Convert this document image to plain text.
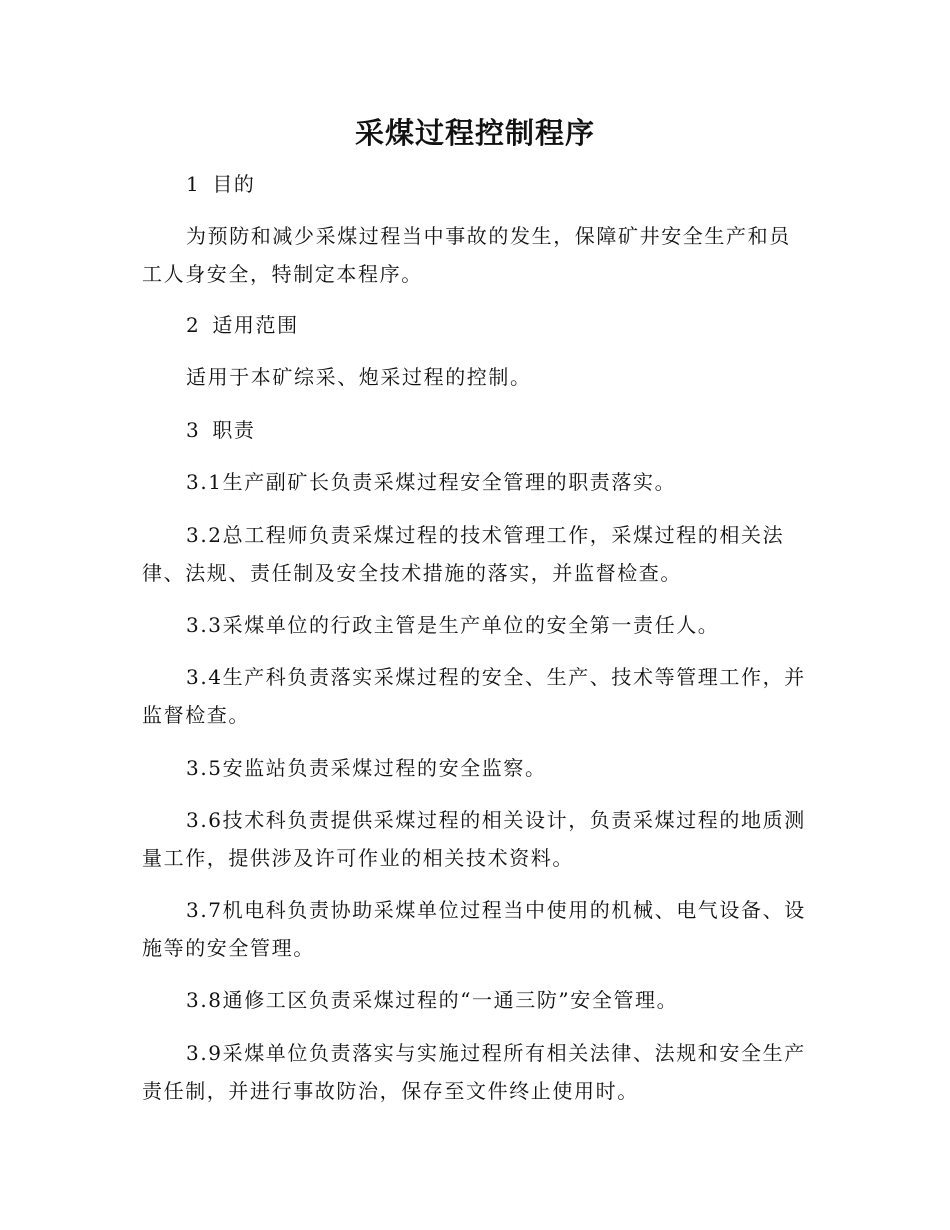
采煤过程控制程序

1 目的

为预防和减少采煤过程当中事故的发生，保障矿井安全生产和员工人身安全，特制定本程序。

2 适用范围

适用于本矿综采、炮采过程的控制。

3 职责

3.1生产副矿长负责采煤过程安全管理的职责落实。

3.2总工程师负责采煤过程的技术管理工作，采煤过程的相关法律、法规、责任制及安全技术措施的落实，并监督检查。

3.3采煤单位的行政主管是生产单位的安全第一责任人。

3.4生产科负责落实采煤过程的安全、生产、技术等管理工作，并监督检查。

3.5安监站负责采煤过程的安全监察。

3.6技术科负责提供采煤过程的相关设计，负责采煤过程的地质测量工作，提供涉及许可作业的相关技术资料。

3.7机电科负责协助采煤单位过程当中使用的机械、电气设备、设施等的安全管理。

3.8通修工区负责采煤过程的“一通三防”安全管理。

3.9采煤单位负责落实与实施过程所有相关法律、法规和安全生产责任制，并进行事故防治，保存至文件终止使用时。
